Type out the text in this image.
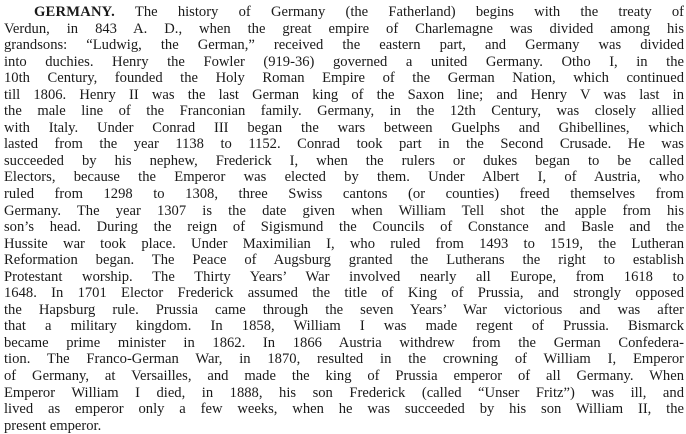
GERMANY. The history of Germany (the Fatherland) begins with the treaty of
Verdun, in 843 A. D., when the great empire of Charlemagne was divided among his
grandsons: “Ludwig, the German,” received the eastern part, and Germany was divided
into duchies. Henry the Fowler (919-36) governed a united Germany. Otho I, in the
10th Century, founded the Holy Roman Empire of the German Nation, which continued
till 1806. Henry II was the last German king of the Saxon line; and Henry V was last in
the male line of the Franconian family. Germany, in the 12th Century, was closely allied
with Italy. Under Conrad III began the wars between Guelphs and Ghibellines, which
lasted from the year 1138 to 1152. Conrad took part in the Second Crusade. He was
succeeded by his nephew, Frederick I, when the rulers or dukes began to be called
Electors, because the Emperor was elected by them. Under Albert I, of Austria, who
ruled from 1298 to 1308, three Swiss cantons (or counties) freed themselves from
Germany. The year 1307 is the date given when William Tell shot the apple from his
son’s head. During the reign of Sigismund the Councils of Constance and Basle and the
Hussite war took place. Under Maximilian I, who ruled from 1493 to 1519, the Lutheran
Reformation began. The Peace of Augsburg granted the Lutherans the right to establish
Protestant worship. The Thirty Years’ War involved nearly all Europe, from 1618 to
1648. In 1701 Elector Frederick assumed the title of King of Prussia, and strongly opposed
the Hapsburg rule. Prussia came through the seven Years’ War victorious and was after
that a military kingdom. In 1858, William I was made regent of Prussia. Bismarck
became prime minister in 1862. In 1866 Austria withdrew from the German Confedera-
tion. The Franco-German War, in 1870, resulted in the crowning of William I, Emperor
of Germany, at Versailles, and made the king of Prussia emperor of all Germany. When
Emperor William I died, in 1888, his son Frederick (called “Unser Fritz”) was ill, and
lived as emperor only a few weeks, when he was succeeded by his son William II, the
present emperor.
